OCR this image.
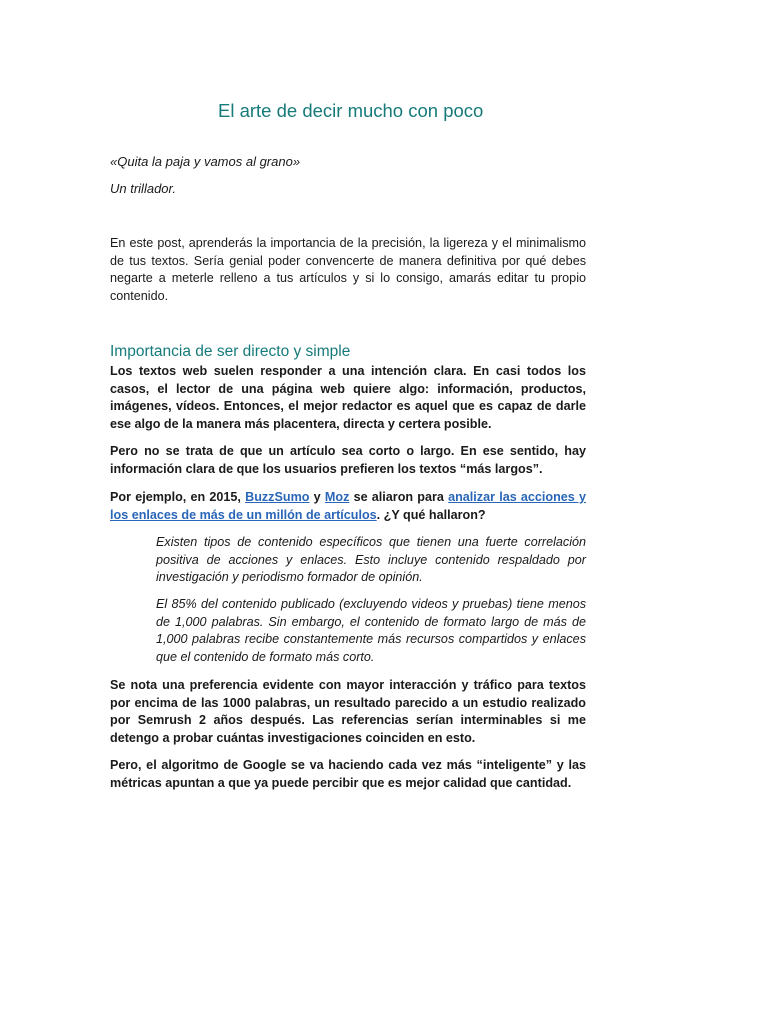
El arte de decir mucho con poco

«Quita la paja y vamos al grano»

Un trillador.

En este post, aprenderás la importancia de la precisión, la ligereza y el minimalismo de tus textos. Sería genial poder convencerte de manera definitiva por qué debes negarte a meterle relleno a tus artículos y si lo consigo, amarás editar tu propio contenido.

Importancia de ser directo y simple

Los textos web suelen responder a una intención clara. En casi todos los casos, el lector de una página web quiere algo: información, productos, imágenes, vídeos. Entonces, el mejor redactor es aquel que es capaz de darle ese algo de la manera más placentera, directa y certera posible.

Pero no se trata de que un artículo sea corto o largo. En ese sentido, hay información clara de que los usuarios prefieren los textos “más largos”.

Por ejemplo, en 2015, BuzzSumo y Moz se aliaron para analizar las acciones y los enlaces de más de un millón de artículos. ¿Y qué hallaron?

Existen tipos de contenido específicos que tienen una fuerte correlación positiva de acciones y enlaces. Esto incluye contenido respaldado por investigación y periodismo formador de opinión.

El 85% del contenido publicado (excluyendo videos y pruebas) tiene menos de 1,000 palabras. Sin embargo, el contenido de formato largo de más de 1,000 palabras recibe constantemente más recursos compartidos y enlaces que el contenido de formato más corto.

Se nota una preferencia evidente con mayor interacción y tráfico para textos por encima de las 1000 palabras, un resultado parecido a un estudio realizado por Semrush 2 años después. Las referencias serían interminables si me detengo a probar cuántas investigaciones coinciden en esto.

Pero, el algoritmo de Google se va haciendo cada vez más “inteligente” y las métricas apuntan a que ya puede percibir que es mejor calidad que cantidad.
